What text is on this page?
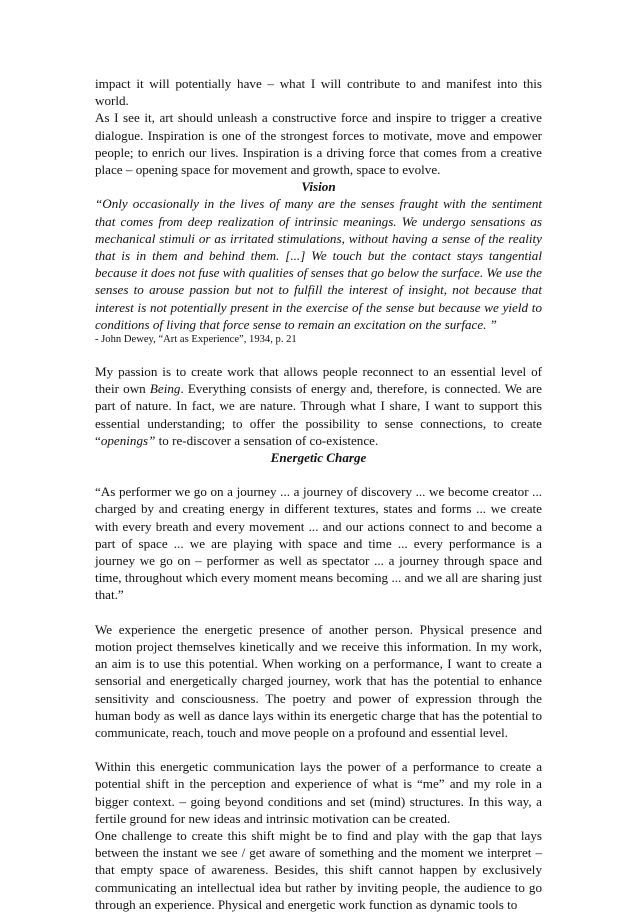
impact it will potentially have – what I will contribute to and manifest into this world.

As I see it, art should unleash a constructive force and inspire to trigger a creative dialogue. Inspiration is one of the strongest forces to motivate, move and empower people; to enrich our lives. Inspiration is a driving force that comes from a creative place – opening space for movement and growth, space to evolve.

Vision

“Only occasionally in the lives of many are the senses fraught with the sentiment that comes from deep realization of intrinsic meanings. We undergo sensations as mechanical stimuli or as irritated stimulations, without having a sense of the reality that is in them and behind them. [...] We touch but the contact stays tangential because it does not fuse with qualities of senses that go below the surface. We use the senses to arouse passion but not to fulfill the interest of insight, not because that interest is not potentially present in the exercise of the sense but because we yield to conditions of living that force sense to remain an excitation on the surface. ”

- John Dewey, “Art as Experience”, 1934, p. 21

My passion is to create work that allows people reconnect to an essential level of their own Being. Everything consists of energy and, therefore, is connected. We are part of nature. In fact, we are nature. Through what I share, I want to support this essential understanding; to offer the possibility to sense connections, to create “openings” to re-discover a sensation of co-existence.

Energetic Charge

“As performer we go on a journey ... a journey of discovery ... we become creator ... charged by and creating energy in different textures, states and forms ... we create with every breath and every movement ... and our actions connect to and become a part of space ... we are playing with space and time ... every performance is a journey we go on – performer as well as spectator ... a journey through space and time, throughout which every moment means becoming ... and we all are sharing just that.”

We experience the energetic presence of another person. Physical presence and motion project themselves kinetically and we receive this information. In my work, an aim is to use this potential. When working on a performance, I want to create a sensorial and energetically charged journey, work that has the potential to enhance sensitivity and consciousness. The poetry and power of expression through the human body as well as dance lays within its energetic charge that has the potential to communicate, reach, touch and move people on a profound and essential level.

Within this energetic communication lays the power of a performance to create a potential shift in the perception and experience of what is “me” and my role in a bigger context. – going beyond conditions and set (mind) structures. In this way, a fertile ground for new ideas and intrinsic motivation can be created.

One challenge to create this shift might be to find and play with the gap that lays between the instant we see / get aware of something and the moment we interpret – that empty space of awareness. Besides, this shift cannot happen by exclusively communicating an intellectual idea but rather by inviting people, the audience to go through an experience. Physical and energetic work function as dynamic tools to
